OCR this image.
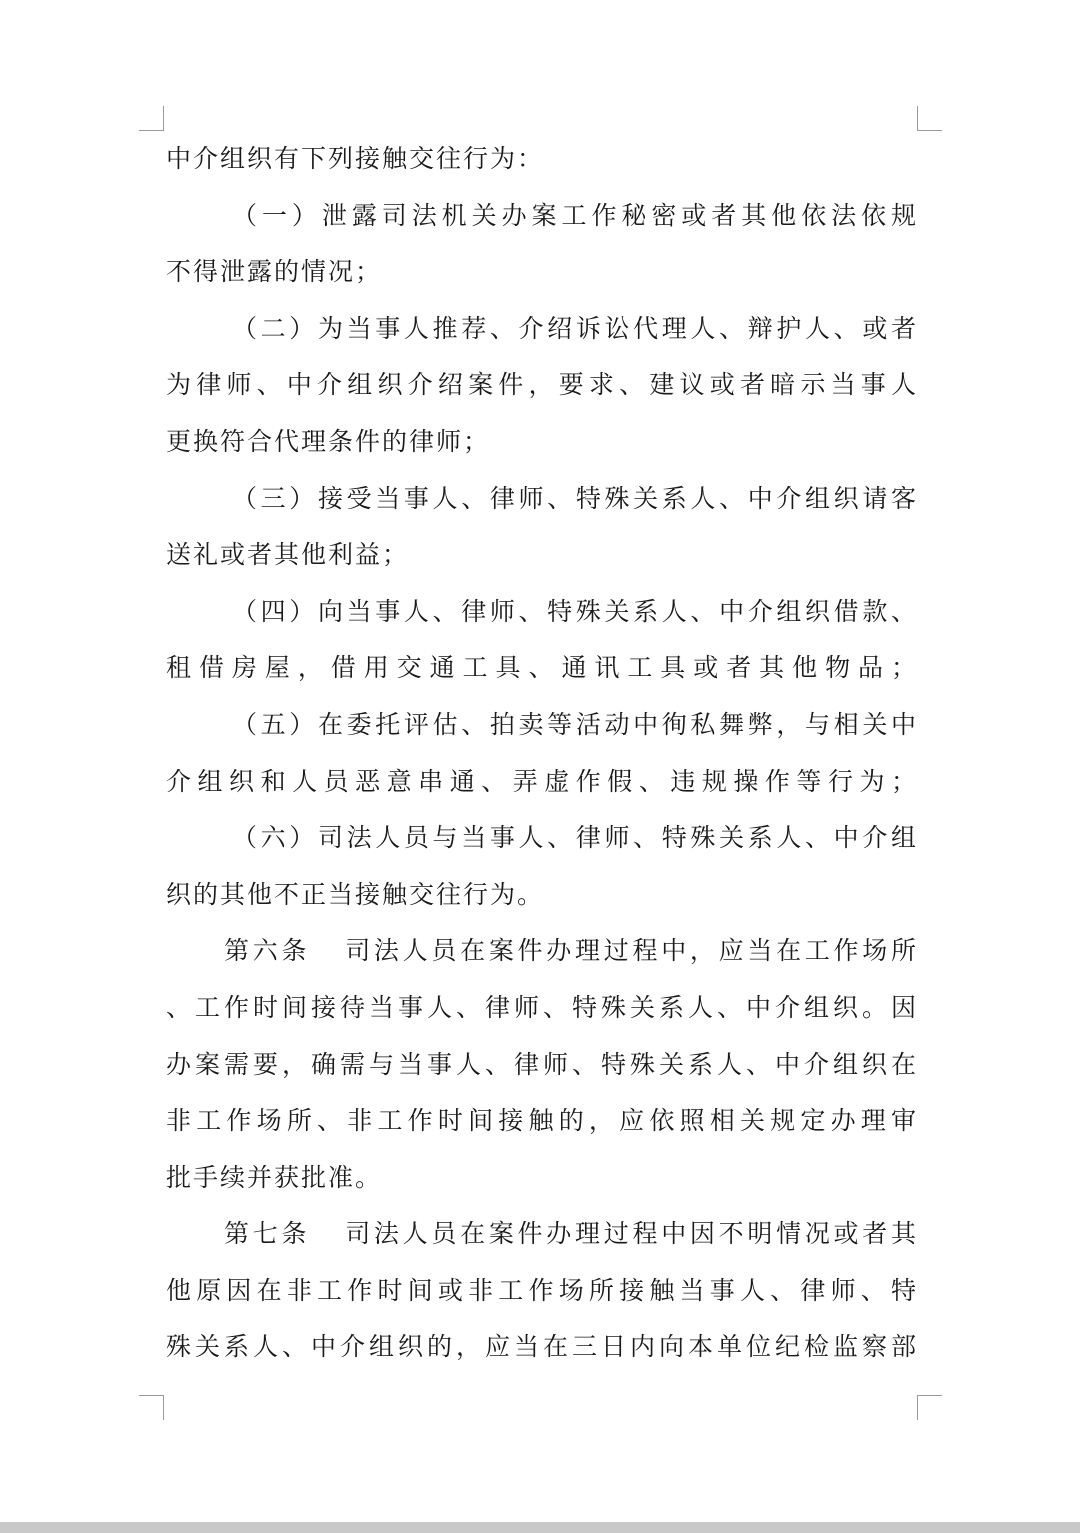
中介组织有下列接触交往行为：
（一）泄露司法机关办案工作秘密或者其他依法依规
不得泄露的情况；
（二）为当事人推荐、介绍诉讼代理人、辩护人、或者
为律师、中介组织介绍案件，要求、建议或者暗示当事人
更换符合代理条件的律师；
（三）接受当事人、律师、特殊关系人、中介组织请客
送礼或者其他利益；
（四）向当事人、律师、特殊关系人、中介组织借款、
租借房屋，借用交通工具、通讯工具或者其他物品；
（五）在委托评估、拍卖等活动中徇私舞弊，与相关中
介组织和人员恶意串通、弄虚作假、违规操作等行为；
（六）司法人员与当事人、律师、特殊关系人、中介组
织的其他不正当接触交往行为。
第六条   司法人员在案件办理过程中，应当在工作场所
、工作时间接待当事人、律师、特殊关系人、中介组织。因
办案需要，确需与当事人、律师、特殊关系人、中介组织在
非工作场所、非工作时间接触的，应依照相关规定办理审
批手续并获批准。
第七条   司法人员在案件办理过程中因不明情况或者其
他原因在非工作时间或非工作场所接触当事人、律师、特
殊关系人、中介组织的，应当在三日内向本单位纪检监察部
